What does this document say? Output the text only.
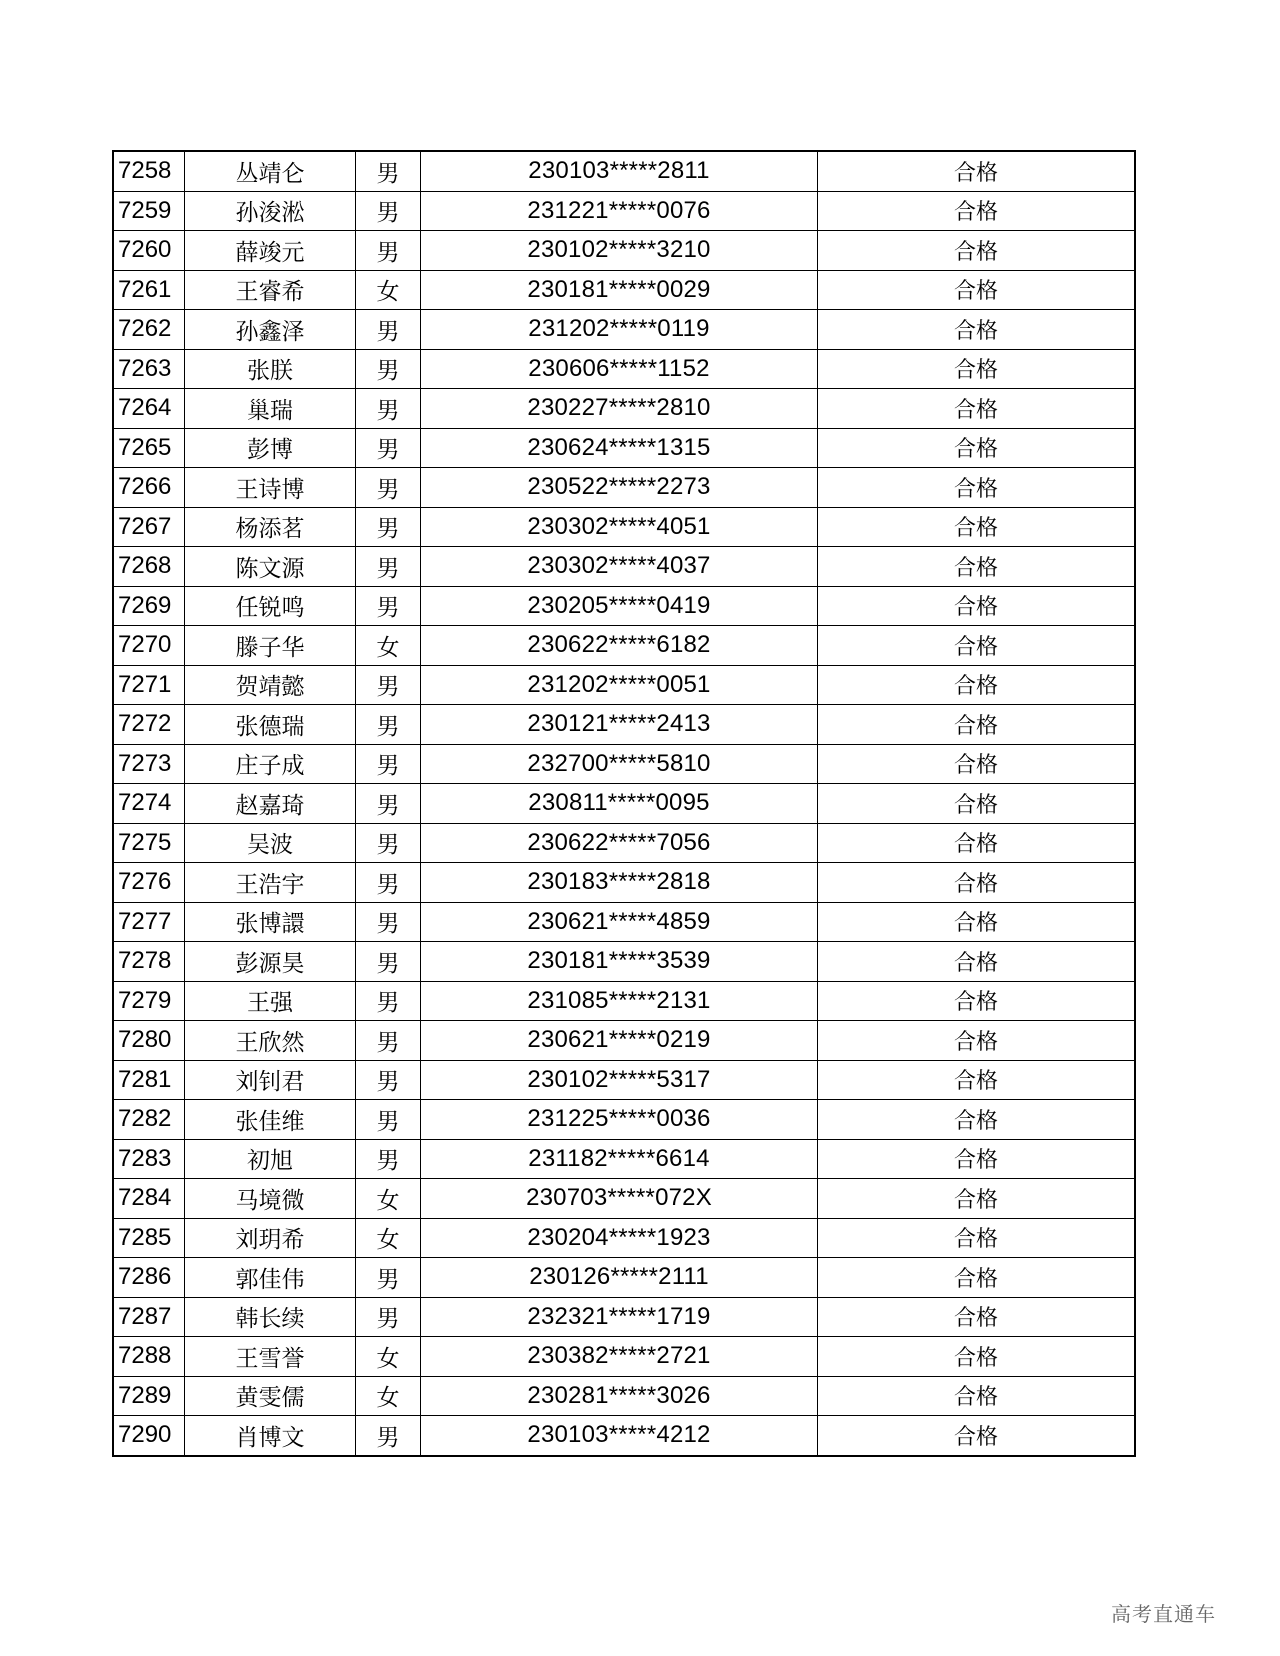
7258	丛靖仑	男	230103*****2811	合格
7259	孙浚淞	男	231221*****0076	合格
7260	薛竣元	男	230102*****3210	合格
7261	王睿希	女	230181*****0029	合格
7262	孙鑫泽	男	231202*****0119	合格
7263	张朕	男	230606*****1152	合格
7264	巢瑞	男	230227*****2810	合格
7265	彭博	男	230624*****1315	合格
7266	王诗博	男	230522*****2273	合格
7267	杨添茗	男	230302*****4051	合格
7268	陈文源	男	230302*****4037	合格
7269	任锐鸣	男	230205*****0419	合格
7270	滕子华	女	230622*****6182	合格
7271	贺靖懿	男	231202*****0051	合格
7272	张德瑞	男	230121*****2413	合格
7273	庄子成	男	232700*****5810	合格
7274	赵嘉琦	男	230811*****0095	合格
7275	吴波	男	230622*****7056	合格
7276	王浩宇	男	230183*****2818	合格
7277	张博譞	男	230621*****4859	合格
7278	彭源昊	男	230181*****3539	合格
7279	王强	男	231085*****2131	合格
7280	王欣然	男	230621*****0219	合格
7281	刘钊君	男	230102*****5317	合格
7282	张佳维	男	231225*****0036	合格
7283	初旭	男	231182*****6614	合格
7284	马境微	女	230703*****072X	合格
7285	刘玥希	女	230204*****1923	合格
7286	郭佳伟	男	230126*****2111	合格
7287	韩长续	男	232321*****1719	合格
7288	王雪誉	女	230382*****2721	合格
7289	黄雯儒	女	230281*****3026	合格
7290	肖博文	男	230103*****4212	合格
高考直通车
